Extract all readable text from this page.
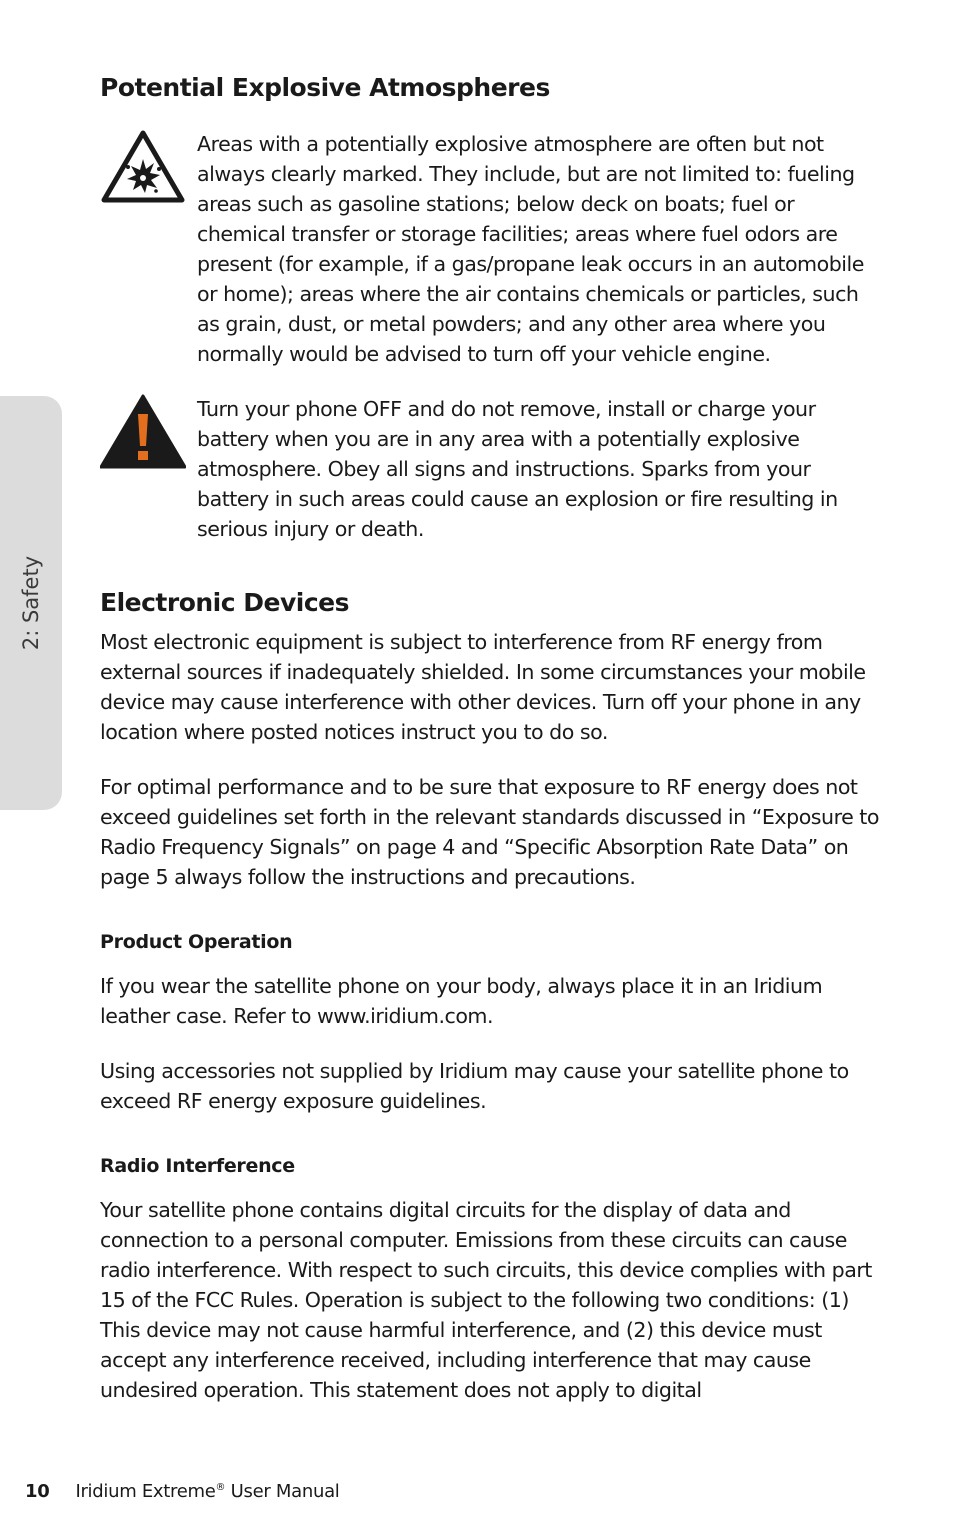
2: Safety
Potential Explosive Atmospheres

Areas with a potentially explosive atmosphere are often but not always clearly marked. They include, but are not limited to: fueling areas such as gasoline stations; below deck on boats; fuel or chemical transfer or storage facilities; areas where fuel odors are present (for example, if a gas/propane leak occurs in an automobile or home); areas where the air contains chemicals or particles, such as grain, dust, or metal powders; and any other area where you normally would be advised to turn off your vehicle engine.

Turn your phone OFF and do not remove, install or charge your battery when you are in any area with a potentially explosive atmosphere. Obey all signs and instructions. Sparks from your battery in such areas could cause an explosion or fire resulting in serious injury or death.

Electronic Devices

Most electronic equipment is subject to interference from RF energy from external sources if inadequately shielded. In some circumstances your mobile device may cause interference with other devices. Turn off your phone in any location where posted notices instruct you to do so.

For optimal performance and to be sure that exposure to RF energy does not exceed guidelines set forth in the relevant standards discussed in “Exposure to Radio Frequency Signals” on page 4 and “Specific Absorption Rate Data” on page 5 always follow the instructions and precautions.

Product Operation

If you wear the satellite phone on your body, always place it in an Iridium leather case. Refer to www.iridium.com.

Using accessories not supplied by Iridium may cause your satellite phone to exceed RF energy exposure guidelines.

Radio Interference

Your satellite phone contains digital circuits for the display of data and connection to a personal computer. Emissions from these circuits can cause radio interference. With respect to such circuits, this device complies with part 15 of the FCC Rules. Operation is subject to the following two conditions: (1) This device may not cause harmful interference, and (2) this device must accept any interference received, including interference that may cause undesired operation. This statement does not apply to digital

10 Iridium Extreme® User Manual
